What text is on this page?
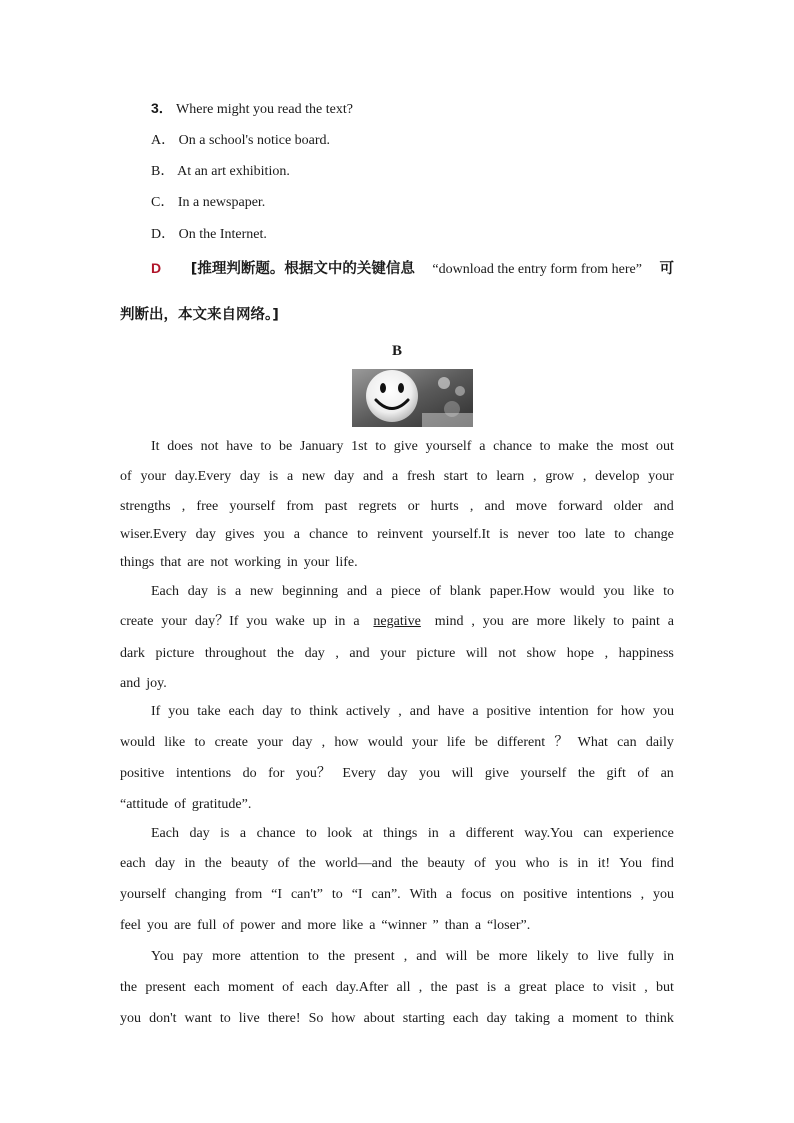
3． Where might you read the text?
A． On a school's notice board.
B． At an art exhibition.
C． In a newspaper.
D． On the Internet.
D [推理判断题。根据文中的关键信息 “download the entry form from here” 可
判断出，本文来自网络。]
B
It does not have to be January 1st to give yourself a chance to make the most out
of your day.Every day is a new day and a fresh start to learn , grow , develop your
strengths , free yourself from past regrets or hurts , and move forward older and
wiser.Every day gives you a chance to reinvent yourself.It is never too late to change
things that are not working in your life.
Each day is a new beginning and a piece of blank paper.How would you like to
create your day？If you wake up in a negative mind , you are more likely to paint a
dark picture throughout the day , and your picture will not show hope , happiness
and joy.
If you take each day to think actively , and have a positive intention for how you
would like to create your day , how would your life be different ？ What can daily
positive intentions do for you？ Every day you will give yourself the gift of an
“attitude of gratitude”.
Each day is a chance to look at things in a different way.You can experience
each day in the beauty of the world—and the beauty of you who is in it! You find
yourself changing from “I can't” to “I can”. With a focus on positive intentions , you
feel you are full of power and more like a “winner ” than a “loser”.
You pay more attention to the present , and will be more likely to live fully in
the present each moment of each day.After all , the past is a great place to visit , but
you don't want to live there! So how about starting each day taking a moment to think
